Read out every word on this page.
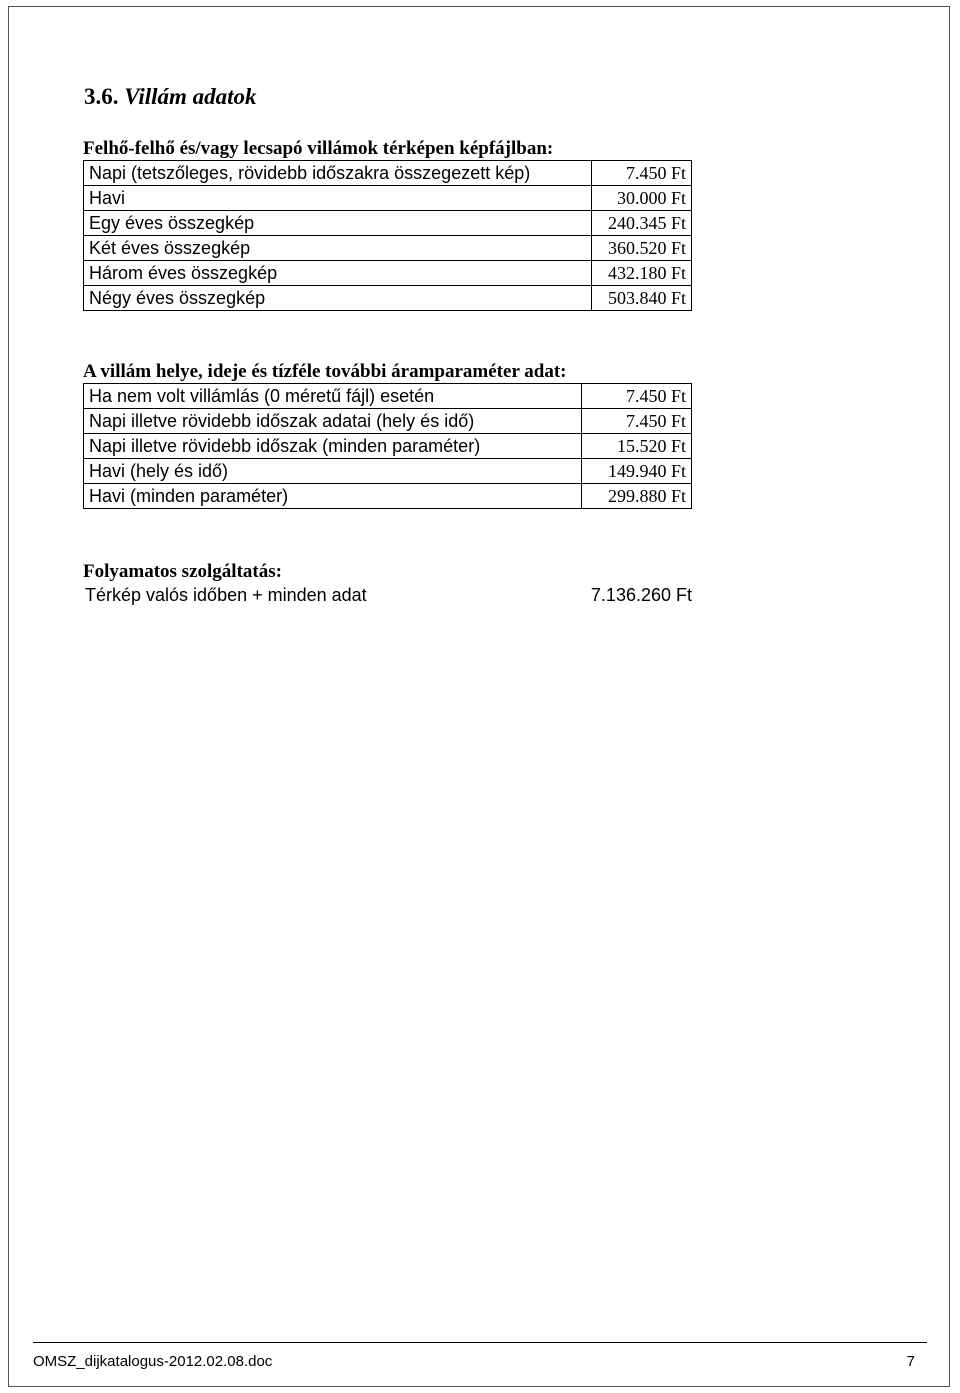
3.6. Villám adatok

Felhő-felhő és/vagy lecsapó villámok térképen képfájlban:

Napi (tetszőleges, rövidebb időszakra összegezett kép)	7.450 Ft
Havi	30.000 Ft
Egy éves összegkép	240.345 Ft
Két éves összegkép	360.520 Ft
Három éves összegkép	432.180 Ft
Négy éves összegkép	503.840 Ft

A villám helye, ideje és tízféle további áramparaméter adat:

Ha nem volt villámlás (0 méretű fájl) esetén	7.450 Ft
Napi illetve rövidebb időszak adatai (hely és idő)	7.450 Ft
Napi illetve rövidebb időszak (minden paraméter)	15.520 Ft
Havi (hely és idő)	149.940 Ft
Havi (minden paraméter)	299.880 Ft

Folyamatos szolgáltatás:

Térkép valós időben + minden adat	7.136.260 Ft
OMSZ_dijkatalogus-2012.02.08.doc	7
